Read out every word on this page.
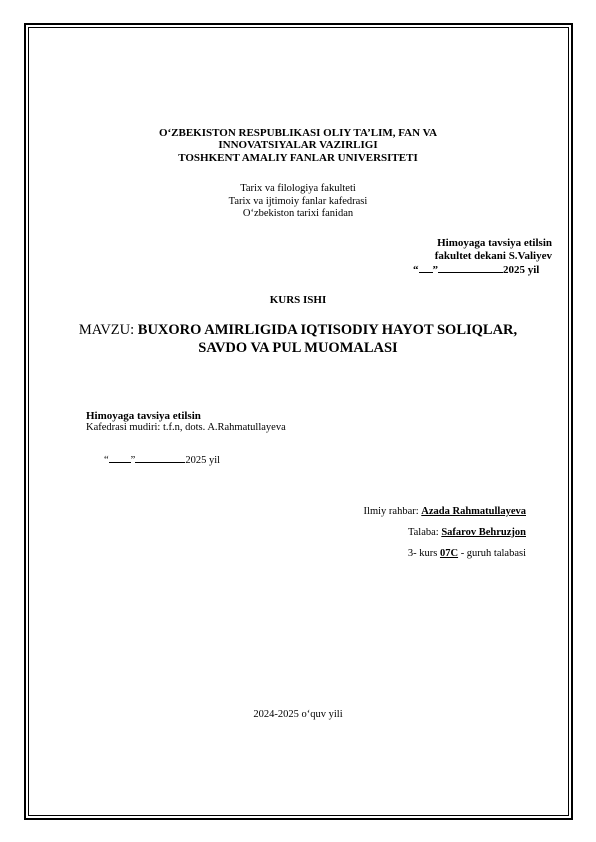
O‘ZBEKISTON RESPUBLIKASI OLIY TA’LIM, FAN VA
INNOVATSIYALAR VAZIRLIGI
TOSHKENT AMALIY FANLAR UNIVERSITETI
Tarix va filologiya fakulteti
Tarix va ijtimoiy fanlar kafedrasi
O‘zbekiston tarixi fanidan
Himoyaga tavsiya etilsin
fakultet dekani S.Valiyev
“ ”	2025 yil
KURS ISHI
MAVZU: BUXORO AMIRLIGIDA IQTISODIY HAYOT SOLIQLAR,
SAVDO VA PUL MUOMALASI
Himoyaga tavsiya etilsin
Kafedrasi mudiri: t.f.n, dots. A.Rahmatullayeva
“ ”	2025 yil
Ilmiy rahbar: Azada Rahmatullayeva
Talaba: Safarov Behruzjon
3- kurs 07C - guruh talabasi
2024-2025 o‘quv yili
